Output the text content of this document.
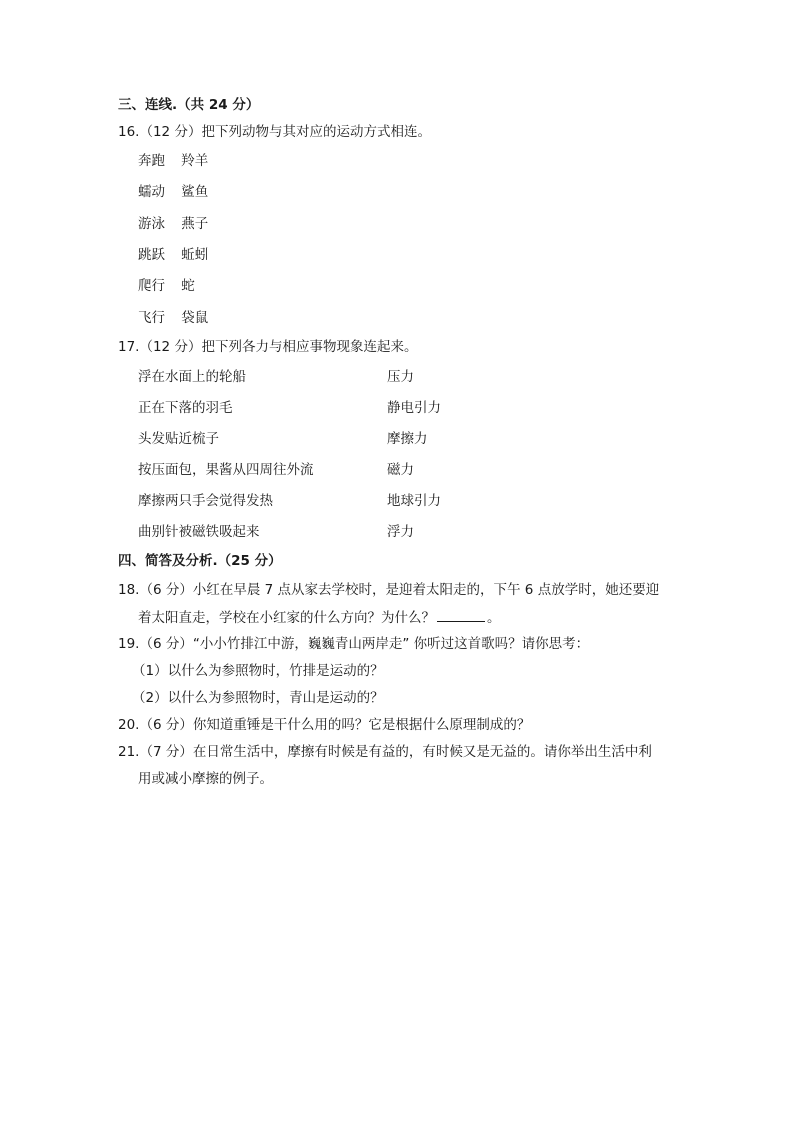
三、连线.（共 24 分）
16.（12 分）把下列动物与其对应的运动方式相连。
奔跑 羚羊
蠕动 鲨鱼
游泳 燕子
跳跃 蚯蚓
爬行 蛇
飞行 袋鼠
17.（12 分）把下列各力与相应事物现象连起来。
浮在水面上的轮船	压力
正在下落的羽毛	静电引力
头发贴近梳子	摩擦力
按压面包，果酱从四周往外流	磁力
摩擦两只手会觉得发热	地球引力
曲别针被磁铁吸起来	浮力
四、简答及分析.（25 分）
18.（6 分）小红在早晨 7 点从家去学校时，是迎着太阳走的，下午 6 点放学时，她还要迎
着太阳直走，学校在小红家的什么方向？为什么？	。
19.（6 分）“小小竹排江中游，巍巍青山两岸走” 你听过这首歌吗？请你思考：
（1）以什么为参照物时，竹排是运动的？
（2）以什么为参照物时，青山是运动的？
20.（6 分）你知道重锤是干什么用的吗？它是根据什么原理制成的？
21.（7 分）在日常生活中，摩擦有时候是有益的，有时候又是无益的。请你举出生活中利
用或减小摩擦的例子。
